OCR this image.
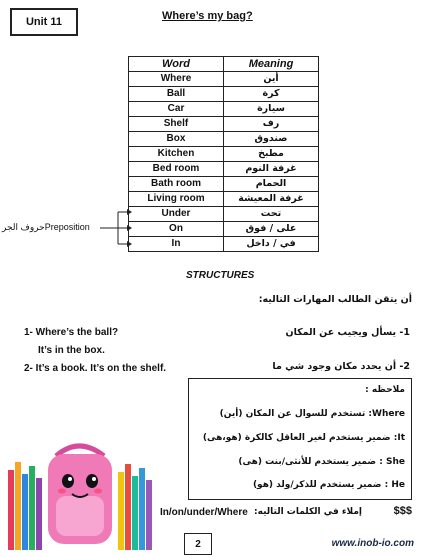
Unit 11	Where’s my bag?
Word	Meaning
Where	أين
Ball	كرة
Car	سيارة
Shelf	رف
Box	صندوق
Kitchen	مطبخ
Bed room	غرفة النوم
Bath room	الحمام
Living room	غرفة المعيشة
Under	تحت
On	على / فوق
In	في / داخل
حروف الجرPreposition
STRUCTURES
أن يتقن الطالب المهارات التاليه:
1- Where’s the ball?
It’s in the box.
2- It’s a book. It’s on the shelf.
1- يسأل ويجيب عن المكان
2- أن يحدد مكان وجود شي ما
ملاحظه :
Where: تستخدم للسوال عن المكان (أين)
It: ضمير يستخدم لغير العاقل كالكرة (هو،هى)
She : ضمير يستخدم للأنثى/بنت (هى)
He : ضمير يستخدم للذكر/ولد (هو)
In/on/under/Where إملاء في الكلمات التاليه:	$$$
2	www.inob-io.com
